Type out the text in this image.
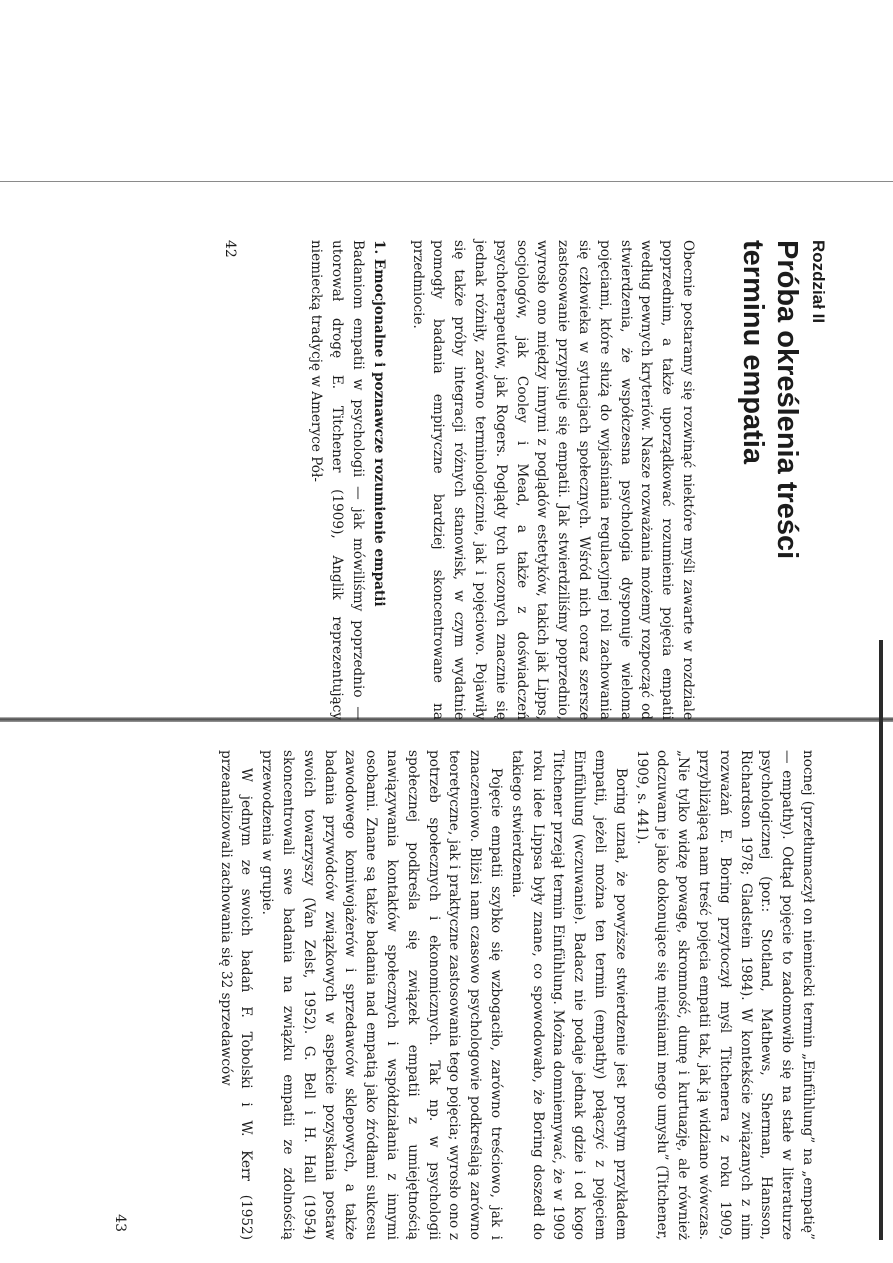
Rozdział II
Próba określenia treści
terminu empatia

Obecnie postaramy się rozwinąć niektóre myśli zawarte w rozdziale poprzednim, a także uporządkować rozumienie pojęcia empatii według pewnych kryteriów. Nasze rozważania możemy rozpocząć od stwierdzenia, że współczesna psychologia dysponuje wieloma pojęciami, które służą do wyjaśniania regulacyjnej roli zachowania się człowieka w sytuacjach społecznych. Wśród nich coraz szersze zastosowanie przypisuje się empatii. Jak stwierdziliśmy poprzednio, wyrosło ono między innymi z poglądów estetyków, takich jak Lipps, socjologów, jak Cooley i Mead, a także z doświadczeń psychoterapeutów, jak Rogers. Poglądy tych uczonych znacznie się jednak różniły, zarówno terminologicznie, jak i pojęciowo. Pojawiły się także próby integracji różnych stanowisk, w czym wydatnie pomogły badania empiryczne bardziej skoncentrowane na przedmiocie.

1. Emocjonalne i poznawcze rozumienie empatii

Badaniom empatii w psychologii — jak mówiliśmy poprzednio — utorował drogę E. Titchener (1909), Anglik reprezentujący niemiecką tradycję w Ameryce Pół-

42

nocnej (przetłumaczył on niemiecki termin „Einfühlung” na „empatię” — empathy). Odtąd pojęcie to zadomowiło się na stałe w literaturze psychologicznej (por.: Stotland, Mathews, Sherman, Hansson, Richardson 1978; Gladstein 1984). W kontekście związanych z nim rozważań E. Boring przytoczył myśl Titchenera z roku 1909, przybliżającą nam treść pojęcia empatii tak, jak ją widziano wówczas. „Nie tylko widzę powagę, skromność, dumę i kurtuazję, ale również odczuwam je jako dokonujące się mięśniami mego umysłu” (Titchener, 1909, s. 441).

Boring uznał, że powyższe stwierdzenie jest prostym przykładem empatii, jeżeli można ten termin (empathy) połączyć z pojęciem Einfühlung (wczuwanie). Badacz nie podaje jednak gdzie i od kogo Titchener przejął termin Einfühlung. Można domniemywać, że w 1909 roku idee Lippsa były znane, co spowodowało, że Boring doszedł do takiego stwierdzenia.

Pojęcie empatii szybko się wzbogaciło, zarówno treściowo, jak i znaczeniowo. Bliżsi nam czasowo psychologowie podkreślają zarówno teoretyczne, jak i praktyczne zastosowania tego pojęcia; wyrosło ono z potrzeb społecznych i ekonomicznych. Tak np. w psychologii społecznej podkreśla się związek empatii z umiejętnością nawiązywania kontaktów społecznych i współdziałania z innymi osobami. Znane są także badania nad empatią jako źródłami sukcesu zawodowego komiwojażerów i sprzedawców sklepowych, a także badania przywódców związkowych w aspekcie pozyskania postaw swoich towarzyszy (Van Zelst, 1952). G. Bell i H. Hall (1954) skoncentrowali swe badania na związku empatii ze zdolnością przewodzenia w grupie.

W jednym ze swoich badań F. Tobolski i W. Kerr (1952) przeanalizowali zachowania się 32 sprzedawców

43
